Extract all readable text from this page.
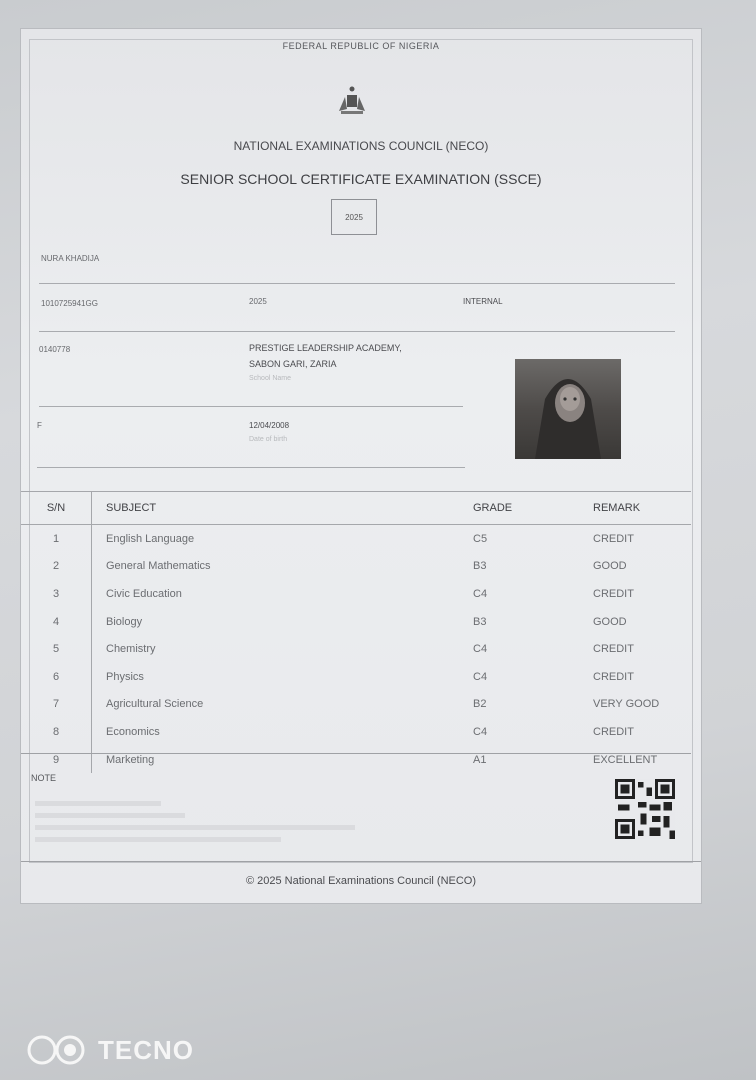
FEDERAL REPUBLIC OF NIGERIA
NATIONAL EXAMINATIONS COUNCIL (NECO)
SENIOR SCHOOL CERTIFICATE EXAMINATION (SSCE)
2025
NURA KHADIJA
1010725941GG	2025	INTERNAL
0140778	PRESTIGE LEADERSHIP ACADEMY,
SABON GARI, ZARIA
School Name
F	12/04/2008
Date of birth
S/N	SUBJECT	GRADE	REMARK
1	English Language	C5	CREDIT
2	General Mathematics	B3	GOOD
3	Civic Education	C4	CREDIT
4	Biology	B3	GOOD
5	Chemistry	C4	CREDIT
6	Physics	C4	CREDIT
7	Agricultural Science	B2	VERY GOOD
8	Economics	C4	CREDIT
9	Marketing	A1	EXCELLENT
NOTE
© 2025 National Examinations Council (NECO)
TECNO
